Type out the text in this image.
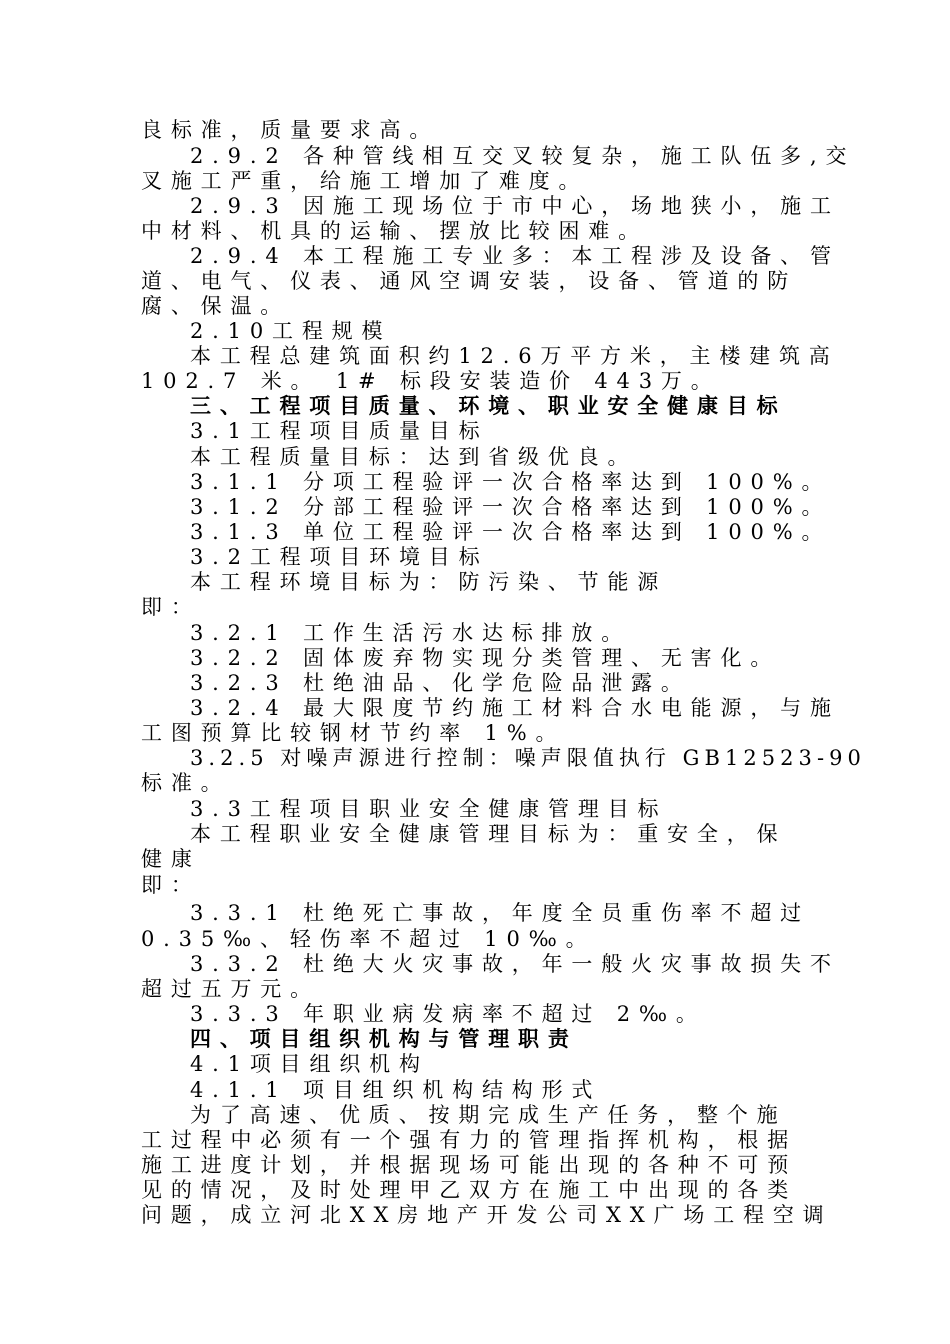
良标准，质量要求高。
2.9.2 各种管线相互交叉较复杂，施工队伍多,交
叉施工严重，给施工增加了难度。
2.9.3 因施工现场位于市中心，场地狭小，施工
中材料、机具的运输、摆放比较困难。
2.9.4 本工程施工专业多：本工程涉及设备、管
道、电气、仪表、通风空调安装，设备、管道的防
腐、保温。
2.10工程规模
本工程总建筑面积约12.6万平方米，主楼建筑高
102.7 米。 1# 标段安装造价 443万。
三、工程项目质量、环境、职业安全健康目标
3.1工程项目质量目标
本工程质量目标：达到省级优良。
3.1.1 分项工程验评一次合格率达到 100%。
3.1.2 分部工程验评一次合格率达到 100%。
3.1.3 单位工程验评一次合格率达到 100%。
3.2工程项目环境目标
本工程环境目标为：防污染、节能源
即：
3.2.1 工作生活污水达标排放。
3.2.2 固体废弃物实现分类管理、无害化。
3.2.3 杜绝油品、化学危险品泄露。
3.2.4 最大限度节约施工材料合水电能源，与施
工图预算比较钢材节约率 1%。
3.2.5 对噪声源进行控制：噪声限值执行 GB12523-90
标准。
3.3工程项目职业安全健康管理目标
本工程职业安全健康管理目标为：重安全，保
健康
即：
3.3.1 杜绝死亡事故，年度全员重伤率不超过
0.35‰、轻伤率不超过 10‰。
3.3.2 杜绝大火灾事故，年一般火灾事故损失不
超过五万元。
3.3.3 年职业病发病率不超过 2‰。
四、项目组织机构与管理职责
4.1项目组织机构
4.1.1 项目组织机构结构形式
为了高速、优质、按期完成生产任务，整个施
工过程中必须有一个强有力的管理指挥机构，根据
施工进度计划，并根据现场可能出现的各种不可预
见的情况，及时处理甲乙双方在施工中出现的各类
问题，成立河北XX房地产开发公司XX广场工程空调
